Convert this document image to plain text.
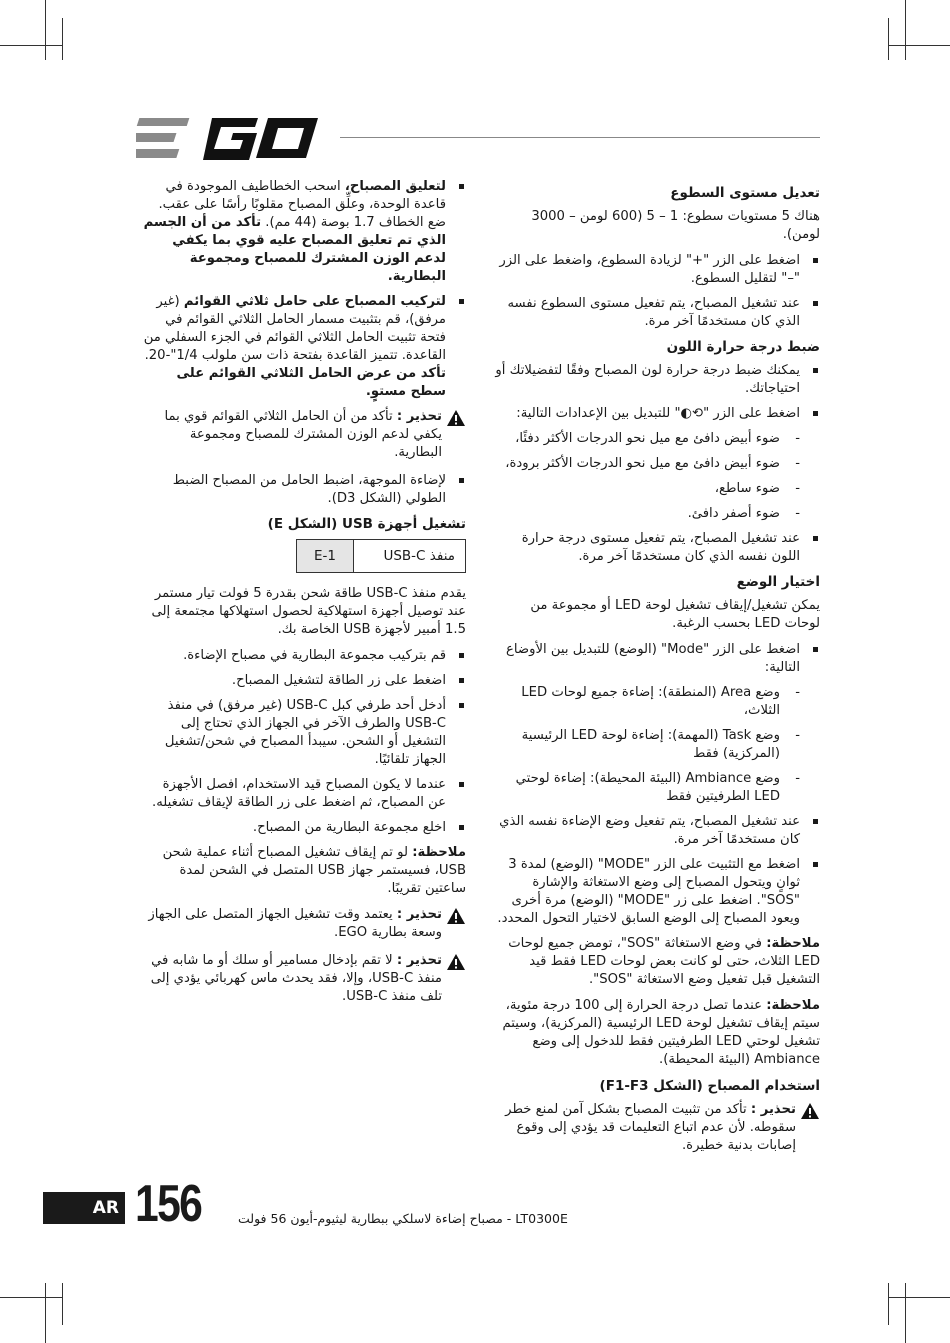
EGO
تعديل مستوى السطوع

هناك 5 مستويات سطوع: 1 – 5 (600 لومن – 3000 لومن).

اضغط على الزر "+" لزيادة السطوع، واضغط على الزر "–" لتقليل السطوع.
عند تشغيل المصباح، يتم تفعيل مستوى السطوع نفسه الذي كان مستخدمًا آخر مرة.
ضبط درجة حرارة اللون
يمكنك ضبط درجة حرارة لون المصباح وفقًا لتفضيلاتك أو احتياجاتك.
اضغط على الزر "⟲◐" للتبديل بين الإعدادات التالية:
- ضوء أبيض دافئ مع ميل نحو الدرجات الأكثر دفئًا،
- ضوء أبيض دافئ مع ميل نحو الدرجات الأكثر برودة،
- ضوء ساطع،
- ضوء أصفر دافئ.
عند تشغيل المصباح، يتم تفعيل مستوى درجة حرارة اللون نفسه الذي كان مستخدمًا آخر مرة.
اختيار الوضع

يمكن تشغيل/إيقاف تشغيل لوحة LED أو مجموعة من لوحات LED بحسب الرغبة.

اضغط على الزر "Mode" (الوضع) للتبديل بين الأوضاع التالية:
- وضع Area (المنطقة): إضاءة جميع لوحات LED الثلاث،
- وضع Task (المهمة): إضاءة لوحة LED الرئيسية (المركزية) فقط
- وضع Ambiance (البيئة المحيطة): إضاءة لوحتي LED الطرفيتين فقط
عند تشغيل المصباح، يتم تفعيل وضع الإضاءة نفسه الذي كان مستخدمًا آخر مرة.
اضغط مع التثبيت على الزر "MODE" (الوضع) لمدة 3 ثوانٍ ويتحول المصباح إلى وضع الاستغاثة والإشارة "SOS". اضغط على زر "MODE" (الوضع) مرة أخرى ويعود المصباح إلى الوضع السابق لاختيار التحول المحدد.

ملاحظة: في وضع الاستغاثة "SOS"، تومض جميع لوحات LED الثلاث، حتى لو كانت بعض لوحات LED فقط قيد التشغيل قبل تفعيل وضع الاستغاثة "SOS".

ملاحظة: عندما تصل درجة الحرارة إلى 100 درجة مئوية، سيتم إيقاف تشغيل لوحة LED الرئيسية (المركزية)، وسيتم تشغيل لوحتي LED الطرفيتين فقط للدخول إلى وضع Ambiance (البيئة المحيطة).

استخدام المصباح (الشكل F1-F3)
تحذير : تأكد من تثبيت المصباح بشكل آمن لمنع خطر سقوطه. لأن عدم اتباع التعليمات قد يؤدي إلى وقوع إصابات بدنية خطيرة.
لتعليق المصباح، اسحب الخطاطيف الموجودة في قاعدة الوحدة، وعلِّق المصباح مقلوبًا رأسًا على عقب. ضع الخطاف 1.7 بوصة (44 مم). تأكد من أن الجسم الذي تم تعليق المصباح عليه قوي بما يكفي لدعم الوزن المشترك للمصباح ومجموعة البطارية.
لتركيب المصباح على حامل ثلاثي القوائم (غير مرفق)، قم بتثبيت مسمار الحامل الثلاثي القوائم في فتحة تثبيت الحامل الثلاثي القوائم في الجزء السفلي من القاعدة. تتميز القاعدة بفتحة ذات سن ملولب 1/4"-20. تأكد من عرض الحامل الثلاثي القوائم على سطح مستوٍ.
تحذير : تأكد من أن الحامل الثلاثي القوائم قوي بما يكفي لدعم الوزن المشترك للمصباح ومجموعة البطارية.
لإضاءة الموجهة، اضبط الحامل من المصباح الضبط الطولي (الشكل D3).
تشغيل أجهزة USB (الشكل E)
E-1	منفذ USB-C

يقدم منفذ USB-C طاقة شحن بقدرة 5 فولت تيار مستمر عند توصيل أجهزة استهلاكية لحصول استهلاكها مجتمعة إلى 1.5 أمبير لأجهزة USB الخاصة بك.

قم بتركيب مجموعة البطارية في مصباح الإضاءة.
اضغط على زر الطاقة لتشغيل المصباح.
أدخل أحد طرفي كبل USB-C (غير مرفق) في منفذ USB-C والطرف الآخر في الجهاز الذي تحتاج إلى التشغيل أو الشحن. سيبدأ المصباح في شحن/تشغيل الجهاز تلقائيًا.
عندما لا يكون المصباح قيد الاستخدام، افصل الأجهزة عن المصباح، ثم اضغط على زر الطاقة لإيقاف تشغيله.
اخلع مجموعة البطارية من المصباح.

ملاحظة: لو تم إيقاف تشغيل المصباح أثناء عملية شحن USB، فسيستمر جهاز USB المتصل في الشحن لمدة ساعتين تقريبًا.

تحذير : يعتمد وقت تشغيل الجهاز المتصل على الجهاز وسعة بطارية EGO.
تحذير : لا تقم بإدخال مسامير أو سلك أو ما شابه في منفذ USB-C، وإلا، فقد يحدث ماس كهربائي يؤدي إلى تلف منفذ USB-C.
AR 156	LT0300E - مصباح إضاءة لاسلكي ببطارية ليثيوم-أيون 56 فولت
